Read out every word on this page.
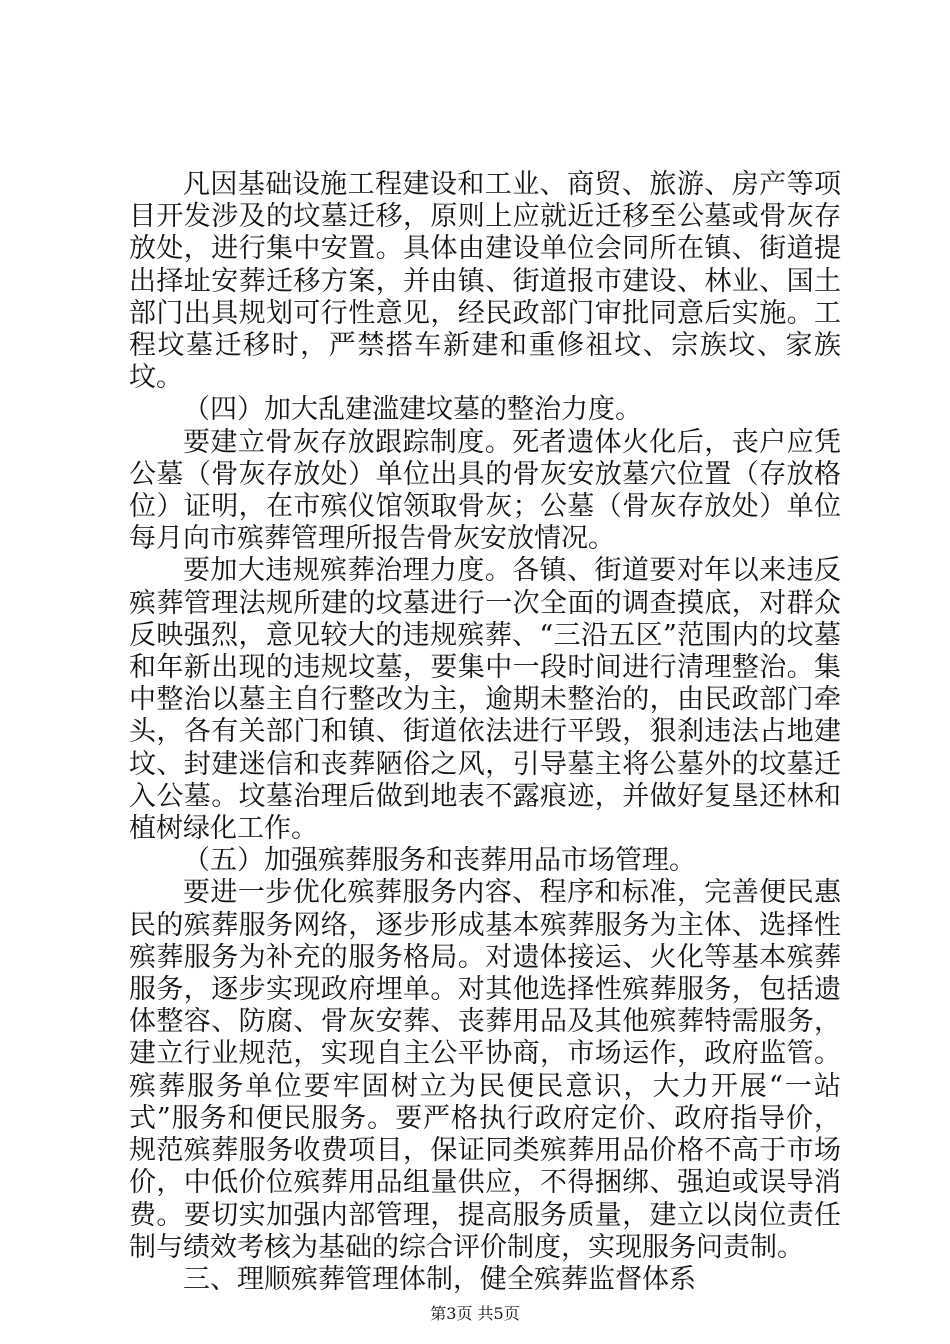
凡因基础设施工程建设和工业、商贸、旅游、房产等项目开发涉及的坟墓迁移，原则上应就近迁移至公墓或骨灰存放处，进行集中安置。具体由建设单位会同所在镇、街道提出择址安葬迁移方案，并由镇、街道报市建设、林业、国土部门出具规划可行性意见，经民政部门审批同意后实施。工程坟墓迁移时，严禁搭车新建和重修祖坟、宗族坟、家族坟。

（四）加大乱建滥建坟墓的整治力度。

要建立骨灰存放跟踪制度。死者遗体火化后，丧户应凭公墓（骨灰存放处）单位出具的骨灰安放墓穴位置（存放格位）证明，在市殡仪馆领取骨灰；公墓（骨灰存放处）单位每月向市殡葬管理所报告骨灰安放情况。

要加大违规殡葬治理力度。各镇、街道要对年以来违反殡葬管理法规所建的坟墓进行一次全面的调查摸底，对群众反映强烈，意见较大的违规殡葬、“三沿五区”范围内的坟墓和年新出现的违规坟墓，要集中一段时间进行清理整治。集中整治以墓主自行整改为主，逾期未整治的，由民政部门牵头，各有关部门和镇、街道依法进行平毁，狠刹违法占地建坟、封建迷信和丧葬陋俗之风，引导墓主将公墓外的坟墓迁入公墓。坟墓治理后做到地表不露痕迹，并做好复垦还林和植树绿化工作。

（五）加强殡葬服务和丧葬用品市场管理。

要进一步优化殡葬服务内容、程序和标准，完善便民惠民的殡葬服务网络，逐步形成基本殡葬服务为主体、选择性殡葬服务为补充的服务格局。对遗体接运、火化等基本殡葬服务，逐步实现政府埋单。对其他选择性殡葬服务，包括遗体整容、防腐、骨灰安葬、丧葬用品及其他殡葬特需服务，建立行业规范，实现自主公平协商，市场运作，政府监管。殡葬服务单位要牢固树立为民便民意识，大力开展“一站式”服务和便民服务。要严格执行政府定价、政府指导价，规范殡葬服务收费项目，保证同类殡葬用品价格不高于市场价，中低价位殡葬用品组量供应，不得捆绑、强迫或误导消费。要切实加强内部管理，提高服务质量，建立以岗位责任制与绩效考核为基础的综合评价制度，实现服务问责制。

三、理顺殡葬管理体制，健全殡葬监督体系

第3页 共5页
